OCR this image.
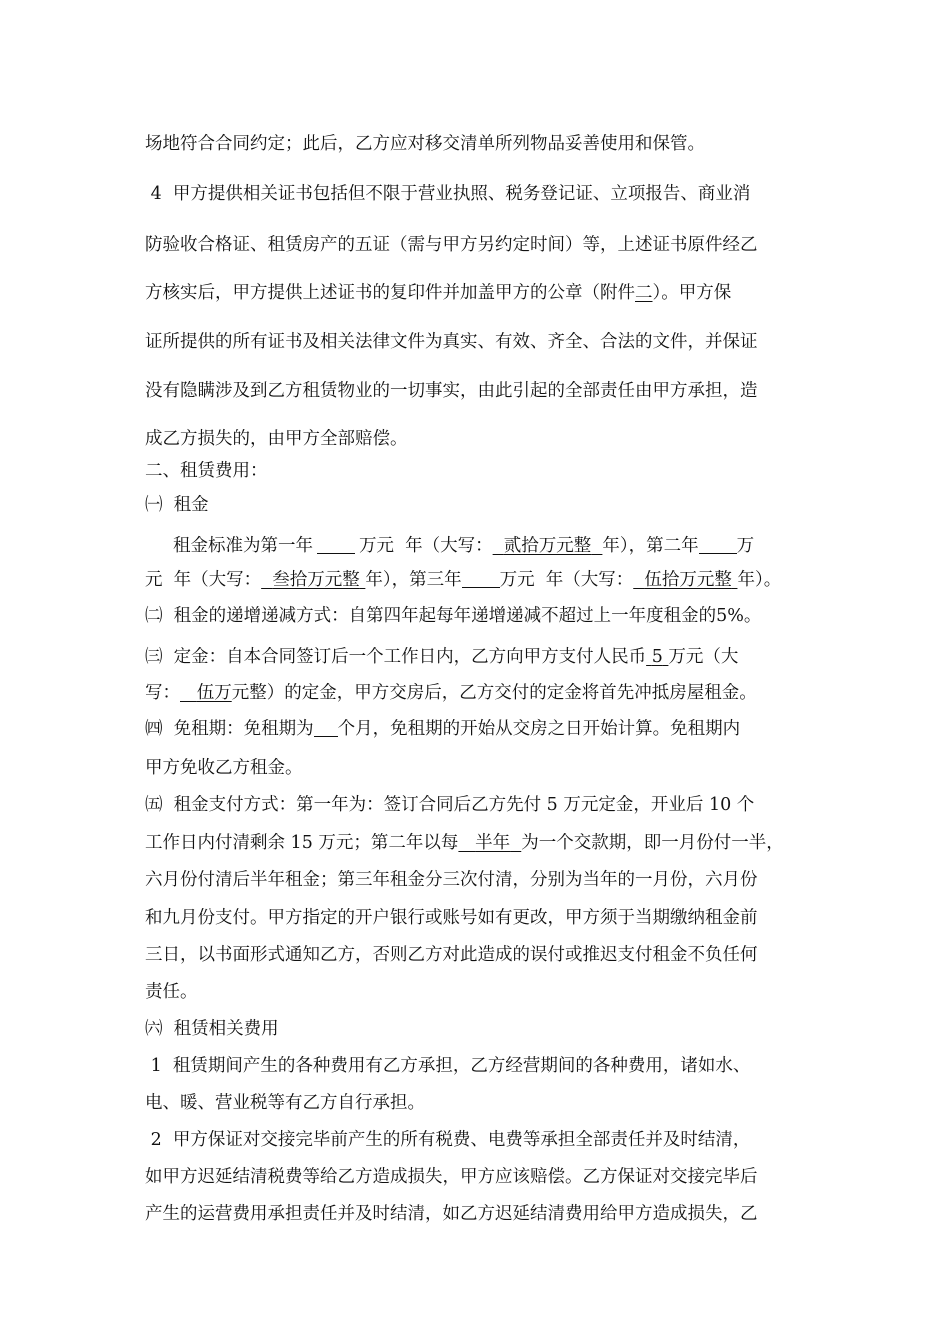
场地符合合同约定；此后，乙方应对移交清单所列物品妥善使用和保管。
4  甲方提供相关证书包括但不限于营业执照、税务登记证、立项报告、商业消
防验收合格证、租赁房产的五证（需与甲方另约定时间）等，上述证书原件经乙
方核实后，甲方提供上述证书的复印件并加盖甲方的公章（附件二）。甲方保
证所提供的所有证书及相关法律文件为真实、有效、齐全、合法的文件，并保证
没有隐瞒涉及到乙方租赁物业的一切事实，由此引起的全部责任由甲方承担，造
成乙方损失的，由甲方全部赔偿。
二、租赁费用：
㈠  租金
租金标准为第一年	万元  年（大写： 贰拾万元整 年），第二年 万
元  年（大写： 叁拾万元整 年），第三年 万元  年（大写： 伍拾万元整 年）。
㈡  租金的递增递减方式：自第四年起每年递增递减不超过上一年度租金的5%。
㈢  定金：自本合同签订后一个工作日内，乙方向甲方支付人民币 5 万元（大
写： 伍万元整）的定金，甲方交房后，乙方交付的定金将首先冲抵房屋租金。
㈣  免租期：免租期为 个月，免租期的开始从交房之日开始计算。免租期内
甲方免收乙方租金。
㈤  租金支付方式：第一年为：签订合同后乙方先付 5 万元定金，开业后 10 个
工作日内付清剩余 15 万元；第二年以每 半年 为一个交款期，即一月份付一半，
六月份付清后半年租金；第三年租金分三次付清，分别为当年的一月份，六月份
和九月份支付。甲方指定的开户银行或账号如有更改，甲方须于当期缴纳租金前
三日，以书面形式通知乙方，否则乙方对此造成的误付或推迟支付租金不负任何
责任。
㈥  租赁相关费用
1  租赁期间产生的各种费用有乙方承担，乙方经营期间的各种费用，诸如水、
电、暖、营业税等有乙方自行承担。
2  甲方保证对交接完毕前产生的所有税费、电费等承担全部责任并及时结清，
如甲方迟延结清税费等给乙方造成损失，甲方应该赔偿。乙方保证对交接完毕后
产生的运营费用承担责任并及时结清，如乙方迟延结清费用给甲方造成损失，乙
